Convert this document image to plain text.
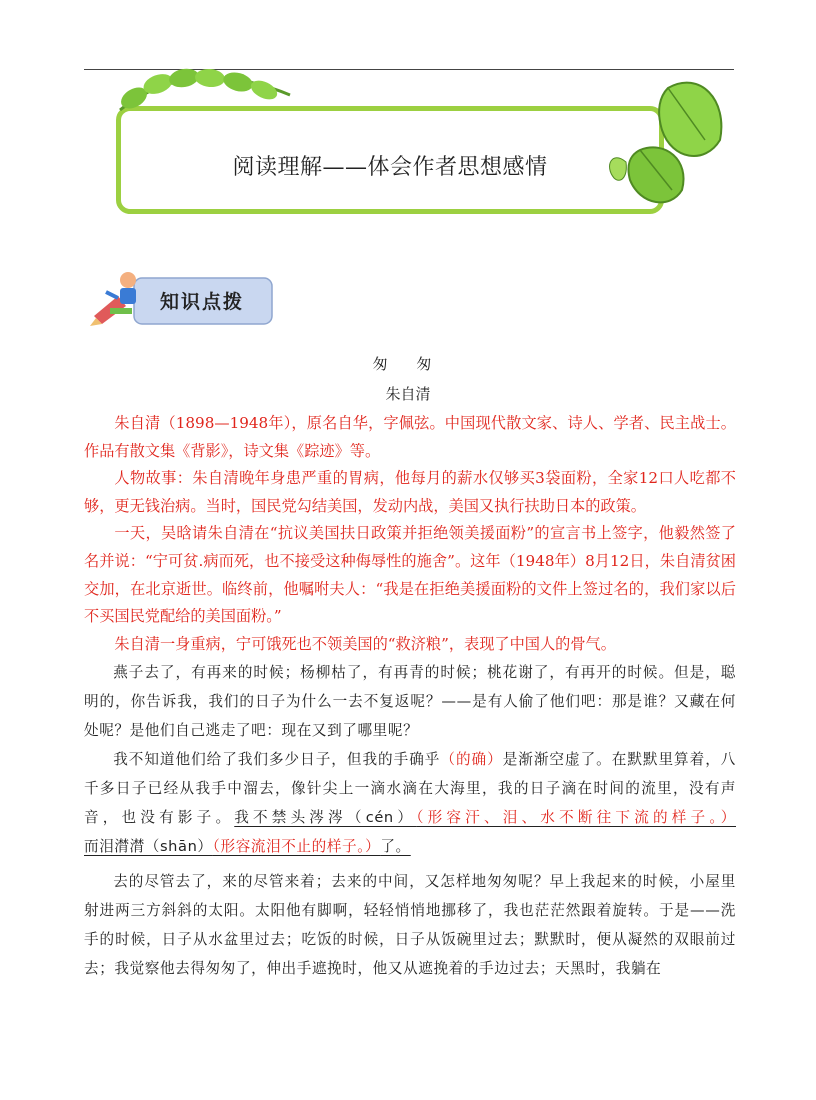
阅读理解——体会作者思想感情
知识点拨
匆 匆
朱自清

朱自清（1898—1948年），原名自华，字佩弦。中国现代散文家、诗人、学者、民主战士。作品有散文集《背影》，诗文集《踪迹》等。

人物故事：朱自清晚年身患严重的胃病，他每月的薪水仅够买3袋面粉，全家12口人吃都不够，更无钱治病。当时，国民党勾结美国，发动内战，美国又执行扶助日本的政策。

一天，吴晗请朱自清在“抗议美国扶日政策并拒绝领美援面粉”的宣言书上签字，他毅然签了名并说：“宁可贫.病而死，也不接受这种侮辱性的施舍”。这年（1948年）8月12日，朱自清贫困交加，在北京逝世。临终前，他嘱咐夫人：“我是在拒绝美援面粉的文件上签过名的，我们家以后不买国民党配给的美国面粉。”

朱自清一身重病，宁可饿死也不领美国的“救济粮”，表现了中国人的骨气。

燕子去了，有再来的时候；杨柳枯了，有再青的时候；桃花谢了，有再开的时候。但是，聪明的，你告诉我，我们的日子为什么一去不复返呢？——是有人偷了他们吧：那是谁？又藏在何处呢？是他们自己逃走了吧：现在又到了哪里呢？

我不知道他们给了我们多少日子，但我的手确乎（的确）是渐渐空虚了。在默默里算着，八千多日子已经从我手中溜去，像针尖上一滴水滴在大海里，我的日子滴在时间的流里，没有声音，也没有影子。我不禁头涔涔（cén）（形容汗、泪、水不断往下流的样子。）而泪潸潸（shān）（形容流泪不止的样子。）了。

去的尽管去了，来的尽管来着；去来的中间，又怎样地匆匆呢？早上我起来的时候，小屋里射进两三方斜斜的太阳。太阳他有脚啊，轻轻悄悄地挪移了，我也茫茫然跟着旋转。于是——洗手的时候，日子从水盆里过去；吃饭的时候，日子从饭碗里过去；默默时，便从凝然的双眼前过去；我觉察他去得匆匆了，伸出手遮挽时，他又从遮挽着的手边过去；天黑时，我躺在
